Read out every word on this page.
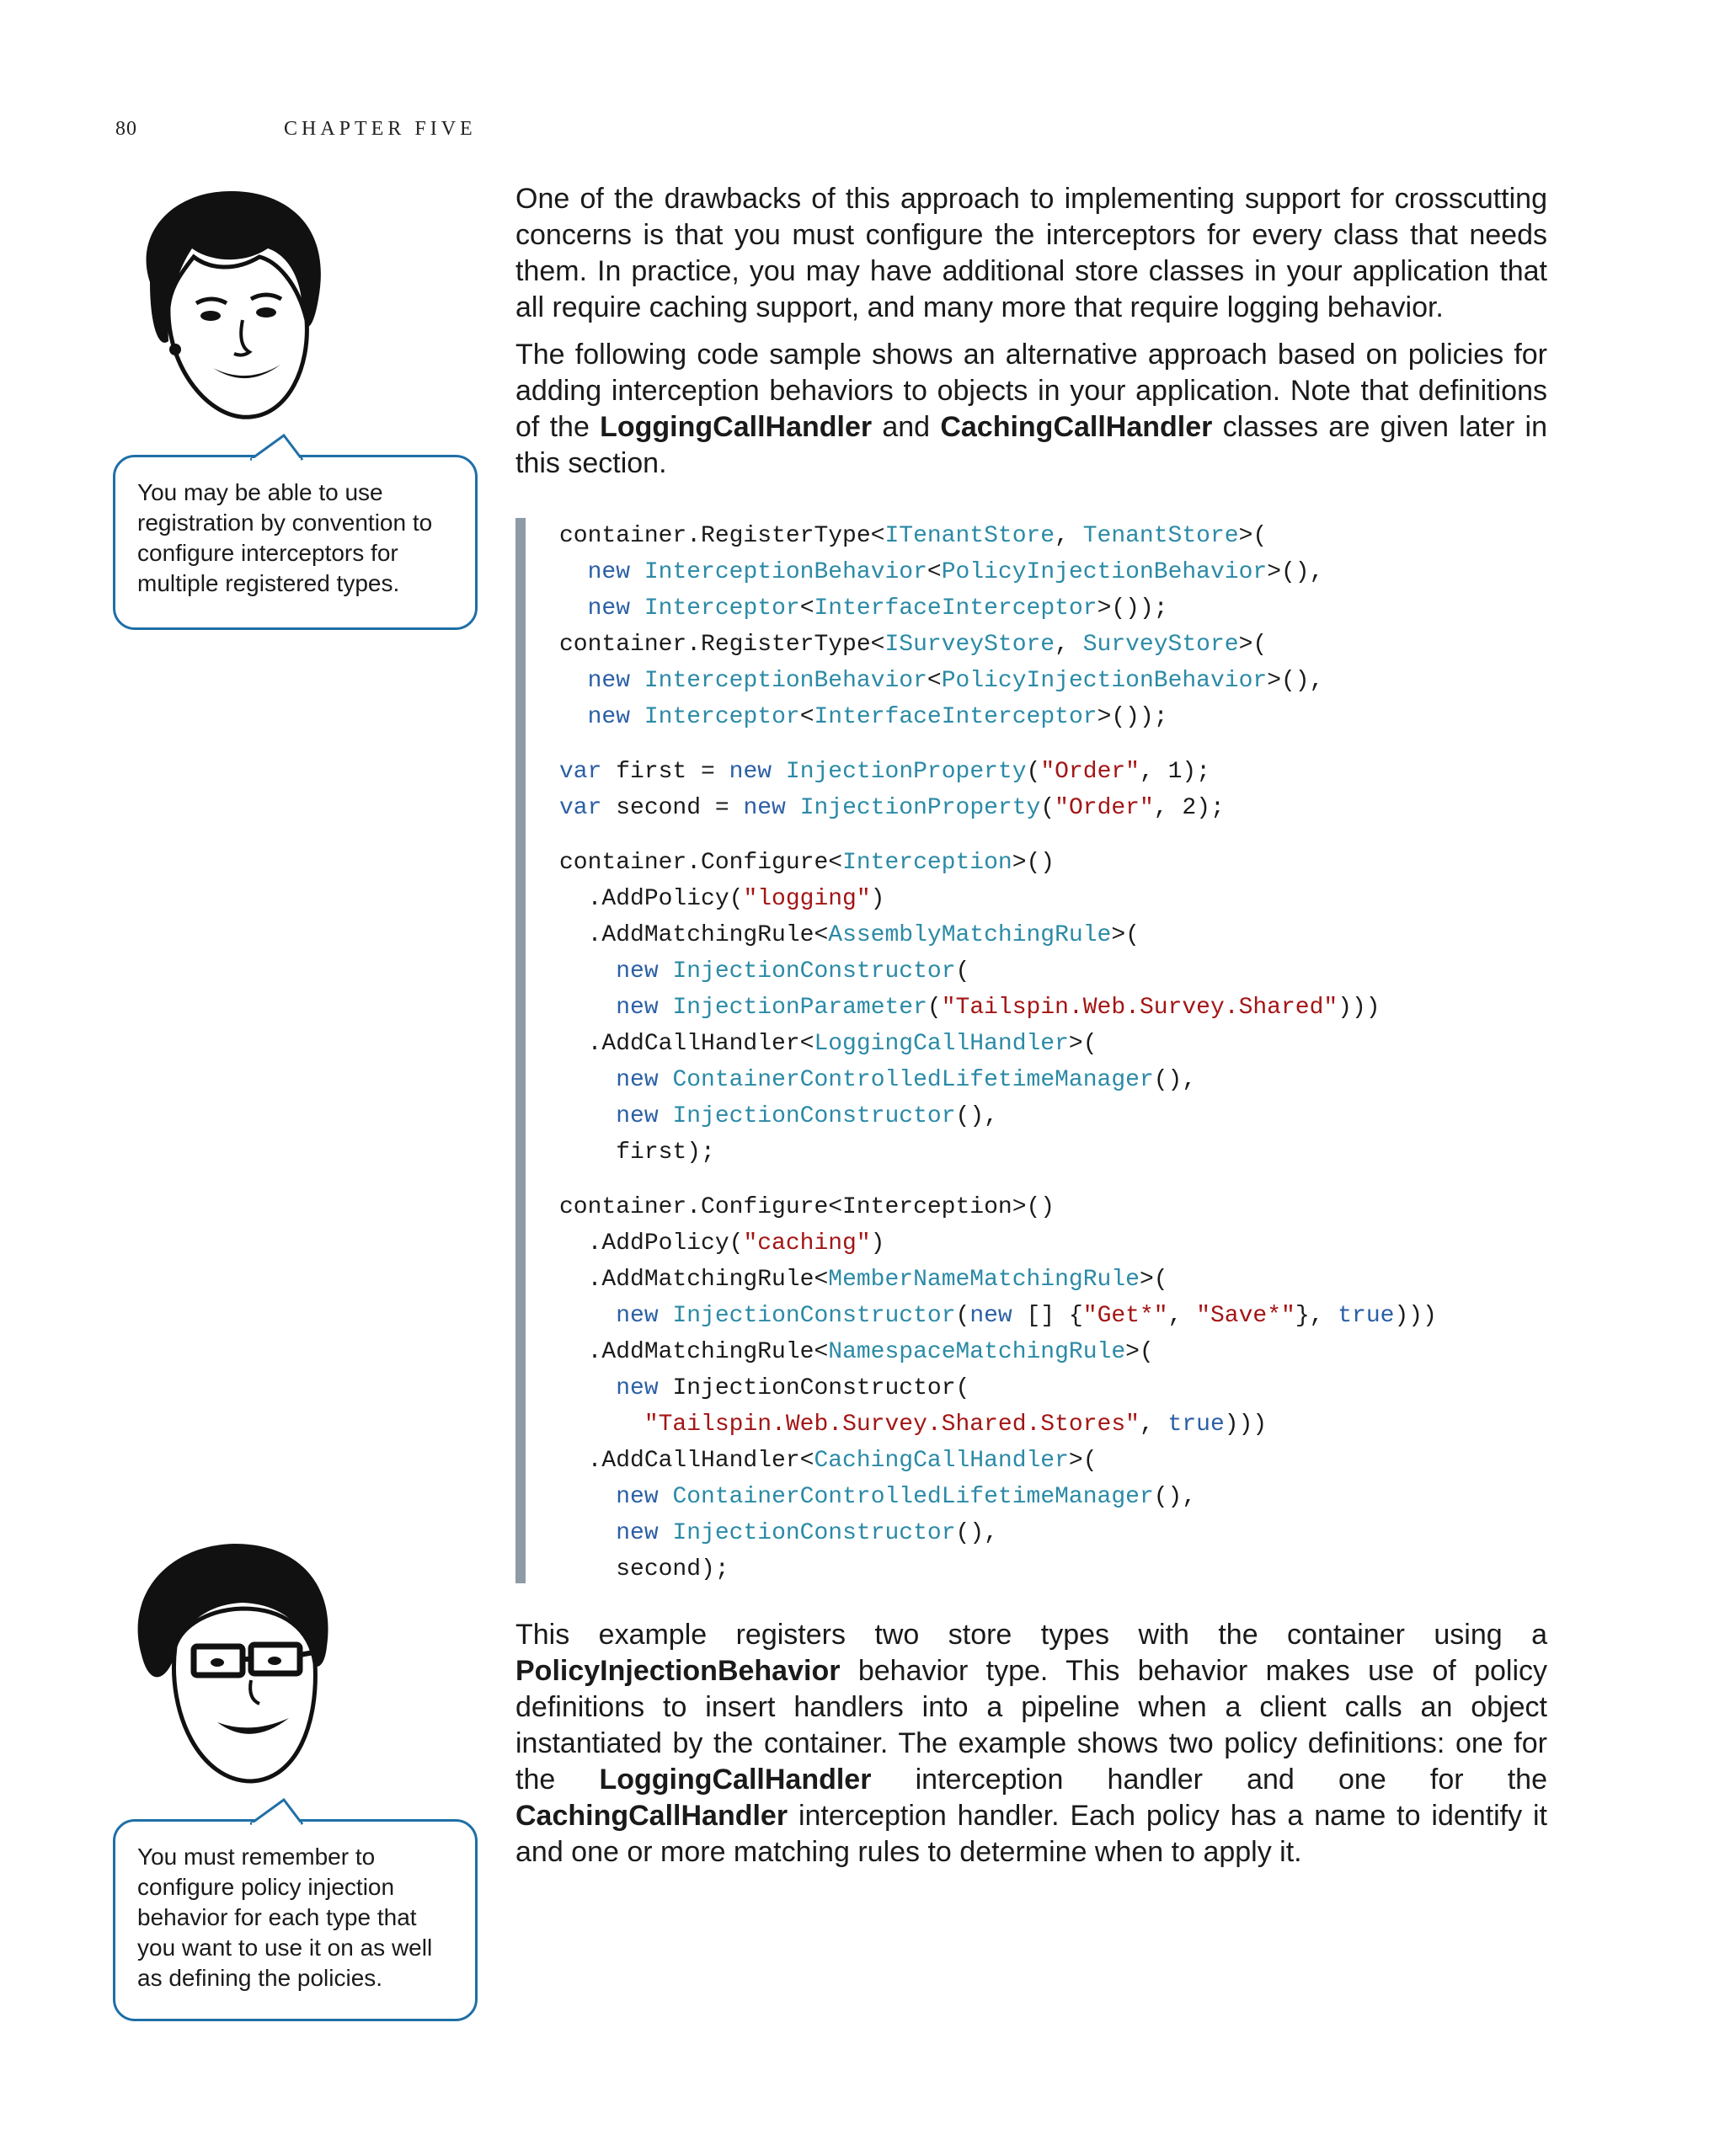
80	CHAPTER FIVE
You may be able to use registration by convention to configure interceptors for multiple registered types.
You must remember to configure policy injection behavior for each type that you want to use it on as well as defining the policies.

One of the drawbacks of this approach to implementing support for crosscutting concerns is that you must configure the interceptors for every class that needs them. In practice, you may have additional store classes in your application that all require caching support, and many more that require logging behavior.

The following code sample shows an alternative approach based on policies for adding interception behaviors to objects in your application. Note that definitions of the LoggingCallHandler and CachingCallHandler classes are given later in this section.

container.RegisterType<ITenantStore, TenantStore>(
new InterceptionBehavior<PolicyInjectionBehavior>(),
new Interceptor<InterfaceInterceptor>());
container.RegisterType<ISurveyStore, SurveyStore>(
new InterceptionBehavior<PolicyInjectionBehavior>(),
new Interceptor<InterfaceInterceptor>());
var first = new InjectionProperty("Order", 1);
var second = new InjectionProperty("Order", 2);
container.Configure<Interception>()
.AddPolicy("logging")
.AddMatchingRule<AssemblyMatchingRule>(
new InjectionConstructor(
new InjectionParameter("Tailspin.Web.Survey.Shared")))
.AddCallHandler<LoggingCallHandler>(
new ContainerControlledLifetimeManager(),
new InjectionConstructor(),
first);
container.Configure<Interception>()
.AddPolicy("caching")
.AddMatchingRule<MemberNameMatchingRule>(
new InjectionConstructor(new [] {"Get*", "Save*"}, true)))
.AddMatchingRule<NamespaceMatchingRule>(
new InjectionConstructor(
"Tailspin.Web.Survey.Shared.Stores", true)))
.AddCallHandler<CachingCallHandler>(
new ContainerControlledLifetimeManager(),
new InjectionConstructor(),
second);

This example registers two store types with the container using a PolicyInjectionBehavior behavior type. This behavior makes use of policy definitions to insert handlers into a pipeline when a client calls an object instantiated by the container. The example shows two policy definitions: one for the LoggingCallHandler interception handler and one for the CachingCallHandler interception handler. Each policy has a name to identify it and one or more matching rules to determine when to apply it.
